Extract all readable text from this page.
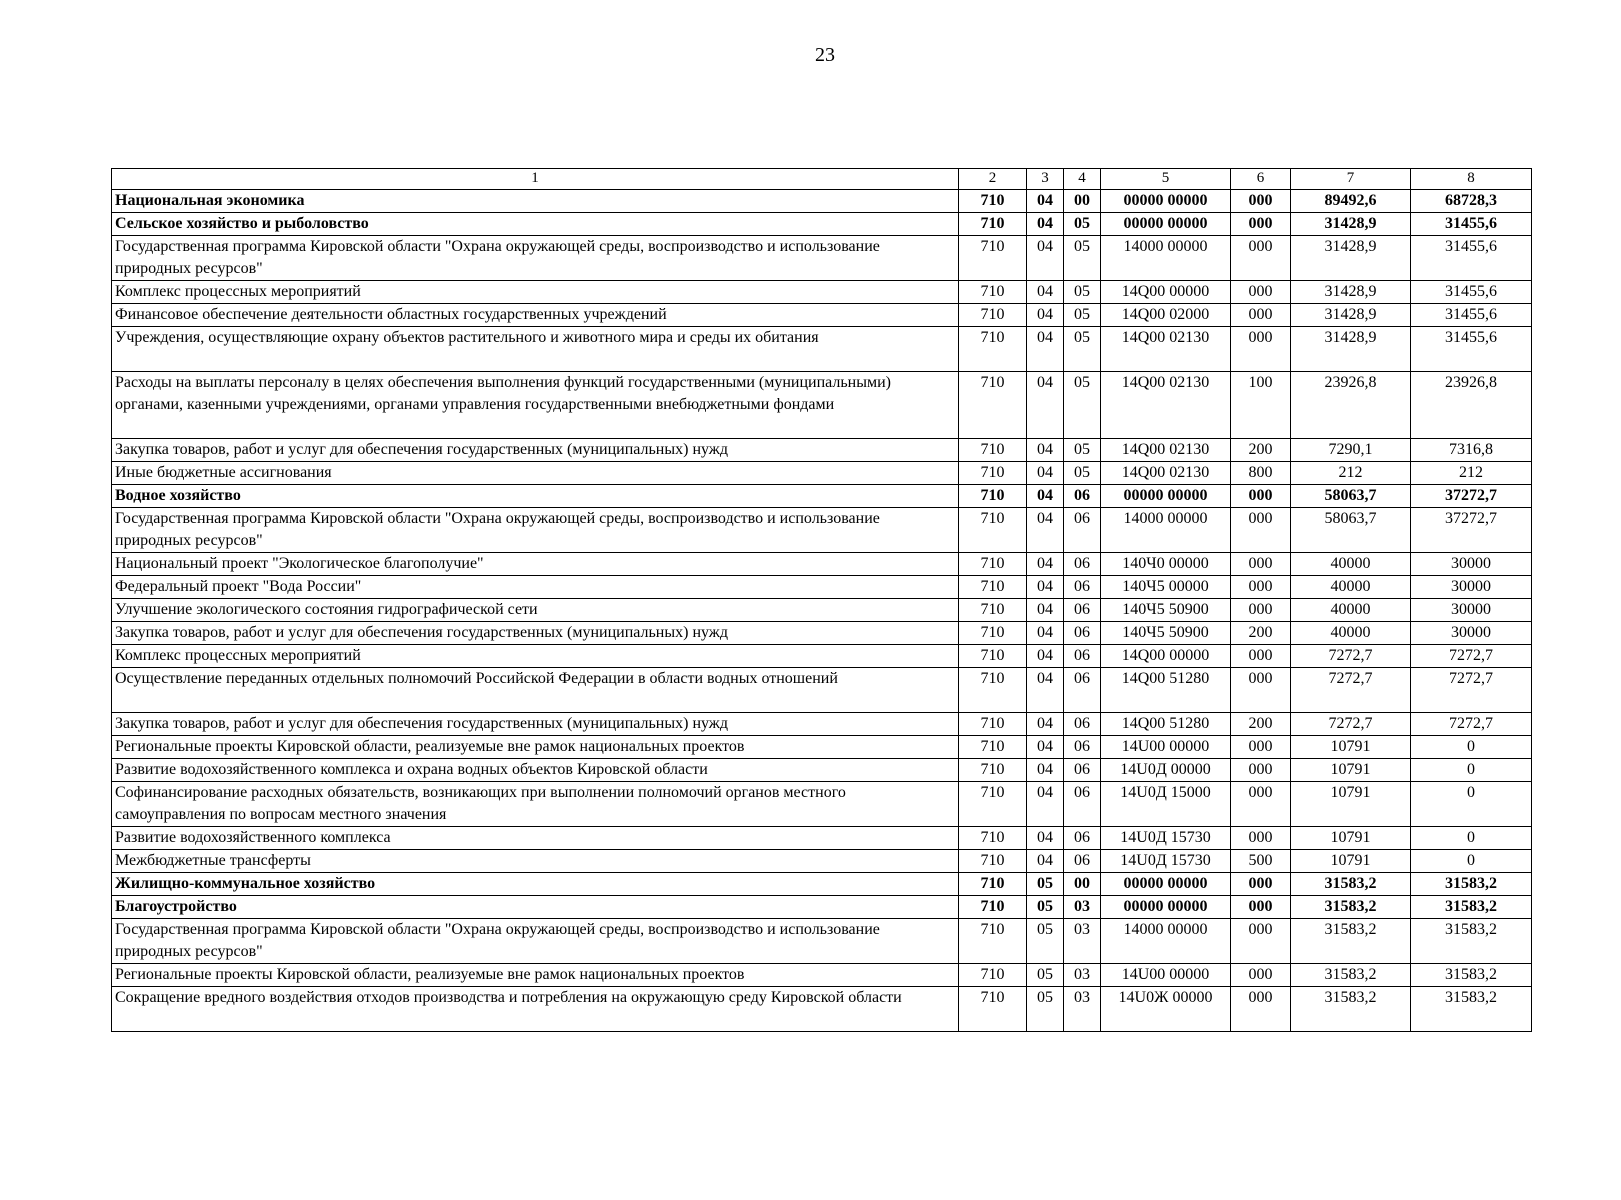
23
1	2	3	4	5	6	7	8
Национальная экономика	710	04	00	00000 00000	000	89492,6	68728,3
Сельское хозяйство и рыболовство	710	04	05	00000 00000	000	31428,9	31455,6
Государственная программа Кировской области "Охрана окружающей среды, воспроизводство и использование природных ресурсов"	710	04	05	14000 00000	000	31428,9	31455,6
Комплекс процессных мероприятий	710	04	05	14Q00 00000	000	31428,9	31455,6
Финансовое обеспечение деятельности областных государственных учреждений	710	04	05	14Q00 02000	000	31428,9	31455,6
Учреждения, осуществляющие охрану объектов растительного и животного мира и среды их обитания	710	04	05	14Q00 02130	000	31428,9	31455,6
Расходы на выплаты персоналу в целях обеспечения выполнения функций государственными (муниципальными) органами, казенными учреждениями, органами управления государственными внебюджетными фондами	710	04	05	14Q00 02130	100	23926,8	23926,8
Закупка товаров, работ и услуг для обеспечения государственных (муниципальных) нужд	710	04	05	14Q00 02130	200	7290,1	7316,8
Иные бюджетные ассигнования	710	04	05	14Q00 02130	800	212	212
Водное хозяйство	710	04	06	00000 00000	000	58063,7	37272,7
Государственная программа Кировской области "Охрана окружающей среды, воспроизводство и использование природных ресурсов"	710	04	06	14000 00000	000	58063,7	37272,7
Национальный проект "Экологическое благополучие"	710	04	06	140Ч0 00000	000	40000	30000
Федеральный проект "Вода России"	710	04	06	140Ч5 00000	000	40000	30000
Улучшение экологического состояния гидрографической сети	710	04	06	140Ч5 50900	000	40000	30000
Закупка товаров, работ и услуг для обеспечения государственных (муниципальных) нужд	710	04	06	140Ч5 50900	200	40000	30000
Комплекс процессных мероприятий	710	04	06	14Q00 00000	000	7272,7	7272,7
Осуществление переданных отдельных полномочий Российской Федерации в области водных отношений	710	04	06	14Q00 51280	000	7272,7	7272,7
Закупка товаров, работ и услуг для обеспечения государственных (муниципальных) нужд	710	04	06	14Q00 51280	200	7272,7	7272,7
Региональные проекты Кировской области, реализуемые вне рамок национальных проектов	710	04	06	14U00 00000	000	10791	0
Развитие водохозяйственного комплекса и охрана водных объектов Кировской области	710	04	06	14U0Д 00000	000	10791	0
Софинансирование расходных обязательств, возникающих при выполнении полномочий органов местного самоуправления по вопросам местного значения	710	04	06	14U0Д 15000	000	10791	0
Развитие водохозяйственного комплекса	710	04	06	14U0Д 15730	000	10791	0
Межбюджетные трансферты	710	04	06	14U0Д 15730	500	10791	0
Жилищно-коммунальное хозяйство	710	05	00	00000 00000	000	31583,2	31583,2
Благоустройство	710	05	03	00000 00000	000	31583,2	31583,2
Государственная программа Кировской области "Охрана окружающей среды, воспроизводство и использование природных ресурсов"	710	05	03	14000 00000	000	31583,2	31583,2
Региональные проекты Кировской области, реализуемые вне рамок национальных проектов	710	05	03	14U00 00000	000	31583,2	31583,2
Сокращение вредного воздействия отходов производства и потребления на окружающую среду Кировской области	710	05	03	14U0Ж 00000	000	31583,2	31583,2
